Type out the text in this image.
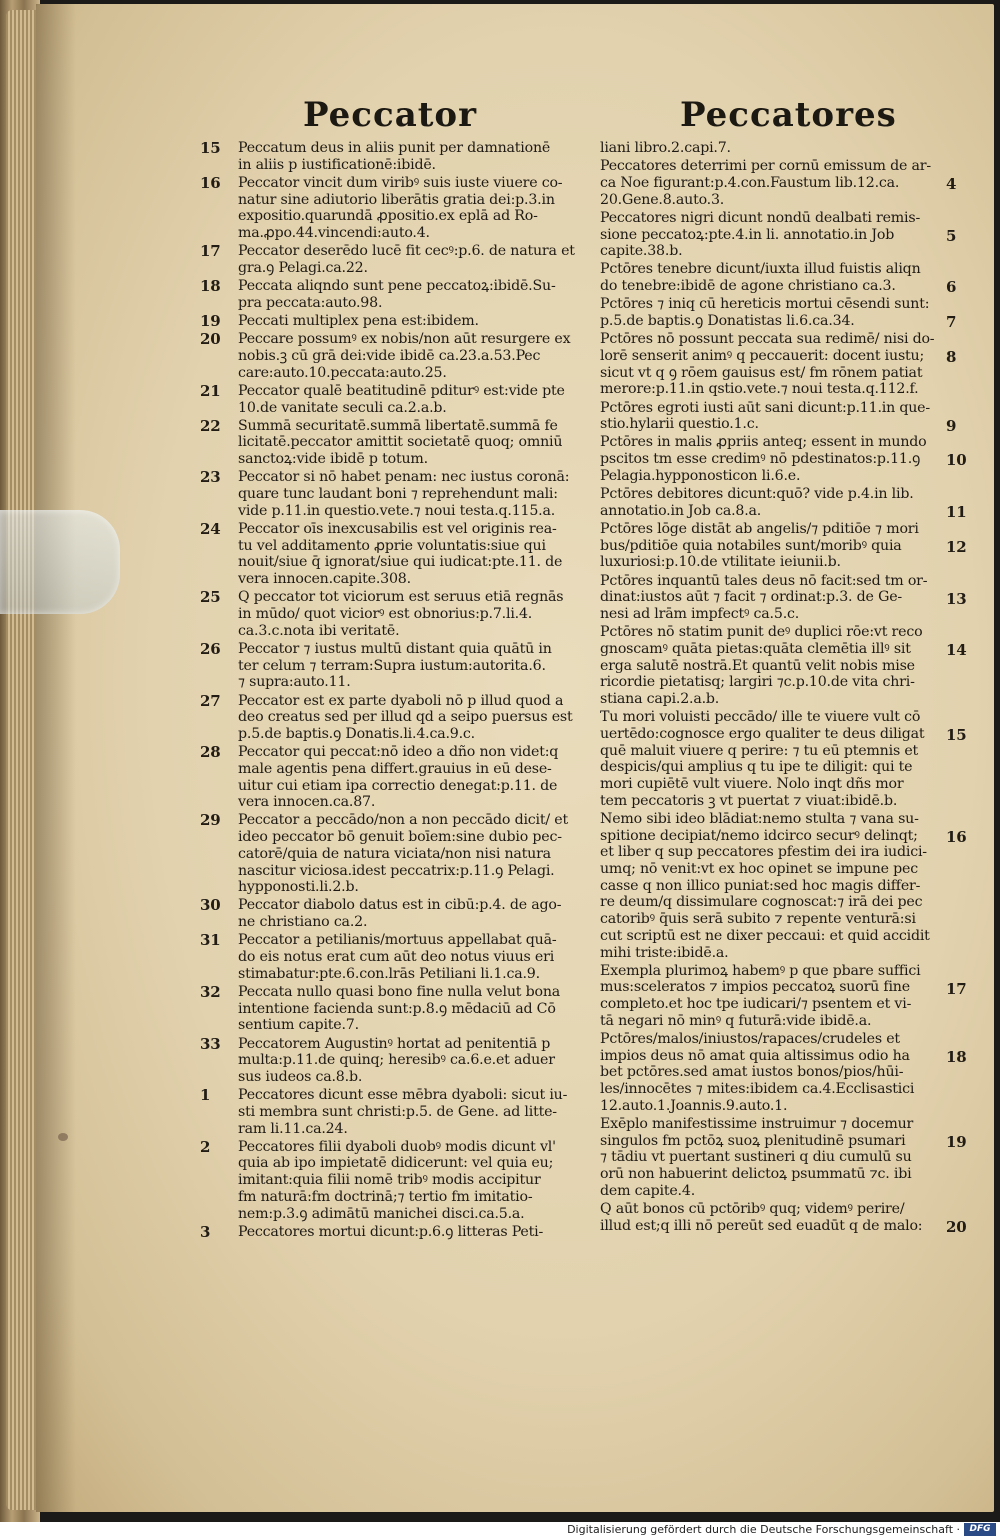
Peccator	Peccatores
15 Peccatum deus in aliis punit per damnationē
in aliis p iustificationē:ibidē.
16 Peccator vincit dum viribꝰ suis iuste viuere co-
natur sine adiutorio liberātis gratia dei:p.3.in
expositio.quarundā ꝓpositio.ex eplā ad Ro-
ma.ꝓpo.44.vincendi:auto.4.
17 Peccator deserēdo lucē fit cecꝰ:p.6. de natura et
gra.ꝯ Pelagi.ca.22.
18 Peccata aliqndo sunt pene peccatoꝝ:ibidē.Su-
pra peccata:auto.98.
19 Peccati multiplex pena est:ibidem.
20 Peccare possumꝰ ex nobis/non aūt resurgere ex
nobis.ꝫ cū grā dei:vide ibidē ca.23.a.53.Pec
care:auto.10.peccata:auto.25.
21 Peccator qualē beatitudinē pditurꝰ est:vide pte
10.de vanitate seculi ca.2.a.b.
22 Summā securitatē.summā libertatē.summā fe
licitatē.peccator amittit societatē quoq; omniū
sanctoꝝ:vide ibidē p totum.
23 Peccator si nō habet penam: nec iustus coronā:
quare tunc laudant boni ⁊ reprehendunt mali:
vide p.11.in questio.vete.⁊ noui testa.q.115.a.
24 Peccator oīs inexcusabilis est vel originis rea-
tu vel additamento ꝓprie voluntatis:siue qui
nouit/siue q̄ ignorat/siue qui iudicat:pte.11. de
vera innocen.capite.308.
25 Q peccator tot viciorum est seruus etiā regnās
in mūdo/ quot viciorꝰ est obnorius:p.7.li.4.
ca.3.c.nota ibi veritatē.
26 Peccator ⁊ iustus multū distant quia quātū in
ter celum ⁊ terram:Supra iustum:autorita.6.
⁊ supra:auto.11.
27 Peccator est ex parte dyaboli nō p illud quod a
deo creatus sed per illud qd a seipo puersus est
p.5.de baptis.ꝯ Donatis.li.4.ca.9.c.
28 Peccator qui peccat:nō ideo a dño non videt:q
male agentis pena differt.grauius in eū dese-
uitur cui etiam ipa correctio denegat:p.11. de
vera innocen.ca.87.
29 Peccator a peccādo/non a non peccādo dicit/ et
ideo peccator bō genuit boīem:sine dubio pec-
catorē/quia de natura viciata/non nisi natura
nascitur viciosa.idest peccatrix:p.11.ꝯ Pelagi.
hypponosti.li.2.b.
30 Peccator diabolo datus est in cibū:p.4. de ago-
ne christiano ca.2.
31 Peccator a petilianis/mortuus appellabat quā-
do eis notus erat cum aūt deo notus viuus eri
stimabatur:pte.6.con.lrās Petiliani li.1.ca.9.
32 Peccata nullo quasi bono fine nulla velut bona
intentione facienda sunt:p.8.ꝯ mēdaciū ad Cō
sentium capite.7.
33 Peccatorem Augustinꝰ hortat ad penitentiā p
multa:p.11.de quinq; heresibꝰ ca.6.e.et aduer
sus iudeos ca.8.b.
1 Peccatores dicunt esse mēbra dyaboli: sicut iu-
sti membra sunt christi:p.5. de Gene. ad litte-
ram li.11.ca.24.
2 Peccatores filii dyaboli duobꝰ modis dicunt vl'
quia ab ipo impietatē didicerunt: vel quia eu;
imitant:quia filii nomē tribꝰ modis accipitur
fm naturā:fm doctrinā;⁊ tertio fm imitatio-
nem:p.3.ꝯ adimātū manichei disci.ca.5.a.
3 Peccatores mortui dicunt:p.6.ꝯ litteras Peti-
liani libro.2.capi.7.
4
Peccatores deterrimi per cornū emissum de ar-
ca Noe figurant:p.4.con.Faustum lib.12.ca.
20.Gene.8.auto.3.
5
Peccatores nigri dicunt nondū dealbati remis-
sione peccatoꝝ:pte.4.in li. annotatio.in Job
capite.38.b.
6
Pctōres tenebre dicunt/iuxta illud fuistis aliqn
do tenebre:ibidē de agone christiano ca.3.
7
Pctōres ⁊ iniq cū hereticis mortui cēsendi sunt:
p.5.de baptis.ꝯ Donatistas li.6.ca.34.
8
Pctōres nō possunt peccata sua redimē/ nisi do-
lorē senserit animꝰ q peccauerit: docent iustu;
sicut vt q ꝯ rōem gauisus est/ fm rōnem patiat
merore:p.11.in qstio.vete.⁊ noui testa.q.112.f.
9
Pctōres egroti iusti aūt sani dicunt:p.11.in que-
stio.hylarii questio.1.c.
10
Pctōres in malis ꝓpriis anteq; essent in mundo
pscitos tm esse credimꝰ nō pdestinatos:p.11.ꝯ
Pelagia.hypponosticon li.6.e.
11
Pctōres debitores dicunt:quō? vide p.4.in lib.
annotatio.in Job ca.8.a.
12
Pctōres lōge distāt ab angelis/⁊ pditiōe ⁊ mori
bus/pditiōe quia notabiles sunt/moribꝰ quia
luxuriosi:p.10.de vtilitate ieiunii.b.
13
Pctōres inquantū tales deus nō facit:sed tm or-
dinat:iustos aūt ⁊ facit ⁊ ordinat:p.3. de Ge-
nesi ad lrām impfectꝰ ca.5.c.
14
Pctōres nō statim punit deꝰ duplici rōe:vt reco
gnoscamꝰ quāta pietas:quāta clemētia illꝰ sit
erga salutē nostrā.Et quantū velit nobis mise
ricordie pietatisq; largiri ⁊c.p.10.de vita chri-
stiana capi.2.a.b.
15
Tu mori voluisti peccādo/ ille te viuere vult cō
uertēdo:cognosce ergo qualiter te deus diligat
quē maluit viuere q perire: ⁊ tu eū ptemnis et
despicis/qui amplius q tu ipe te diligit: qui te
mori cupiētē vult viuere. Nolo inqt dñs mor
tem peccatoris ꝫ vt puertat ⁊ viuat:ibidē.b.
16
Nemo sibi ideo blādiat:nemo stulta ⁊ vana su-
spitione decipiat/nemo idcirco securꝰ delinqt;
et liber q sup peccatores pfestim dei ira iudici-
umq; nō venit:vt ex hoc opinet se impune pec
casse q non illico puniat:sed hoc magis differ-
re deum/q dissimulare cognoscat:⁊ irā dei pec
catoribꝰ q̄uis serā subito ⁊ repente venturā:si
cut scriptū est ne dixer peccaui: et quid accidit
mihi triste:ibidē.a.
17
Exempla plurimoꝝ habemꝰ p que pbare suffici
mus:sceleratos ⁊ impios peccatoꝝ suorū fine
completo.et hoc tpe iudicari/⁊ psentem et vi-
tā negari nō minꝰ q futurā:vide ibidē.a.
18
Pctōres/malos/iniustos/rapaces/crudeles et
impios deus nō amat quia altissimus odio ha
bet pctōres.sed amat iustos bonos/pios/hūi-
les/innocētes ⁊ mites:ibidem ca.4.Ecclisastici
12.auto.1.Joannis.9.auto.1.
19
Exēplo manifestissime instruimur ⁊ docemur
singulos fm pctōꝝ suoꝝ plenitudinē psumari
⁊ tādiu vt puertant sustineri q diu cumulū su
orū non habuerint delictoꝝ psummatū ⁊c. ibi
dem capite.4.
20
Q aūt bonos cū pctōribꝰ quq; videmꝰ perire/
illud est;q illi nō pereūt sed euadūt q de malo:
Digitalisierung gefördert durch die Deutsche Forschungsgemeinschaft ·	DFG
